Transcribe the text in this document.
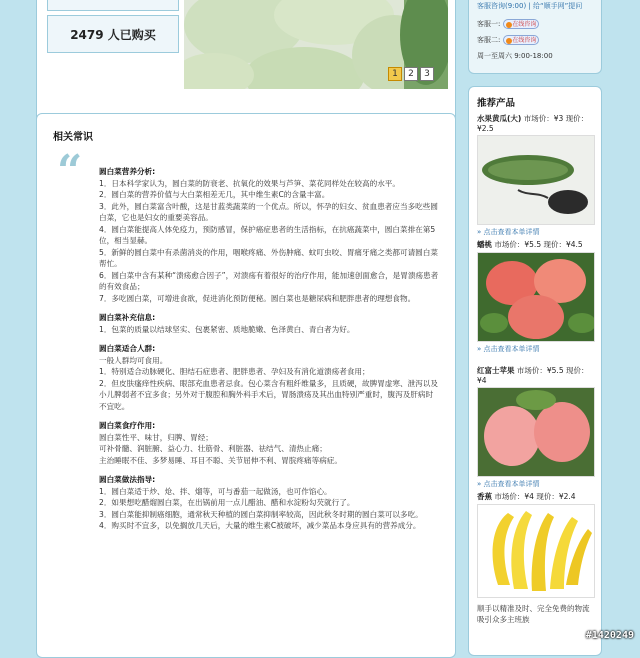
2479 人已购买
1	2	3
相关常识
“ 圆白菜营养分析:

1．日本科学家认为，圆白菜的防衰老、抗氧化的效果与芦笋、菜花同样处在较高的水平。

2．圆白菜的营养价值与大白菜相差无几，其中维生素C的含量丰富。

3．此外，圆白菜富含叶酸，这是甘蓝类蔬菜的一个优点。所以，怀孕的妇女、贫血患者应当多吃些圆白菜，它也是妇女的重要美容品。

4．圆白菜能提高人体免疫力，预防感冒，保护癌症患者的生活指标，在抗癌蔬菜中，圆白菜排在第5位，相当显赫。

5．新鲜的圆白菜中有杀菌消炎的作用，咽喉疼痛、外伤肿痛、蚊叮虫咬、胃痛牙痛之类都可请圆白菜帮忙。

6．圆白菜中含有某种“溃疡愈合因子”，对溃疡有着很好的治疗作用，能加速创面愈合，是胃溃疡患者的有效食品；

7．多吃圆白菜，可增进食欲，促进消化预防便秘。圆白菜也是糖尿病和肥胖患者的理想食物。

圆白菜补充信息:

1．包菜的质量以结球坚实、包裹紧密、质地脆嫩、色泽黄白、青白者为好。

圆白菜适合人群:

一般人群均可食用。

1．特别适合动脉硬化、胆结石症患者、肥胖患者、孕妇及有消化道溃疡者食用；

2．但皮肤瘙痒性疾病、眼部充血患者忌食。包心菜含有粗纤维量多，且质硬，故脾胃虚寒、泄泻以及小儿脾弱者不宜多食；另外对于腹腔和胸外科手术后，胃肠溃疡及其出血特别严重时，腹泻及肝病时不宜吃。

圆白菜食疗作用:

圆白菜性平、味甘，归脾、胃经；

可补骨髓、润脏腑、益心力、壮筋骨、利脏器、祛结气、清热止痛；

主治睡眠不佳、多梦易睡、耳目不聪、关节屈伸不利、胃脘疼痛等病症。

圆白菜做法指导:

1．圆白菜适于炒、炝、拌、熘等，可与番茄一起做汤，也可作馅心。

2．如果想吃醋熘圆白菜，在出锅前用一点儿醋油、醋和水淀粉勾芡就行了。

3．圆白菜能抑制癌细胞，通常秋天种植的圆白菜抑制率较高，因此秋冬时期的圆白菜可以多吃。

4．购买时不宜多，以免搁放几天后，大量的维生素C被破坏，减少菜品本身应具有的营养成分。

客服咨询(9:00) | 给“顺手网”提问
客服一:	在线咨询
客服二:	在线咨询
周一至周六 9:00-18:00
推荐产品
水果黄瓜(大) 市场价：¥3 现价：¥2.5
» 点击查看本单详情
蟠桃 市场价：¥5.5 现价：¥4.5
» 点击查看本单详情
红富士苹果 市场价：¥5.5 现价：¥4
» 点击查看本单详情
香蕉 市场价：¥4 现价：¥2.4
顺手以精准及时、完全免费的物流吸引众多主班族
#1420249
